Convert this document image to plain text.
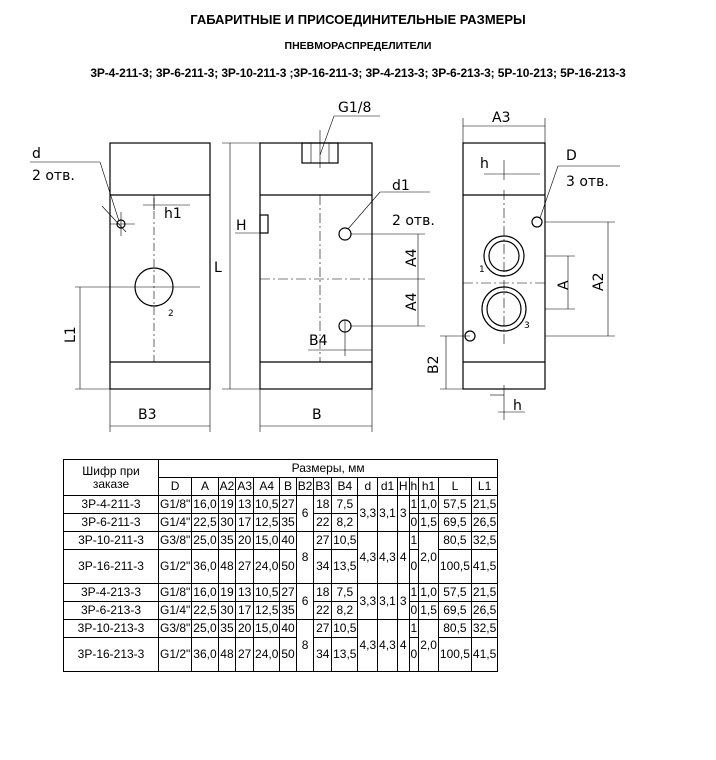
ГАБАРИТНЫЕ И ПРИСОЕДИНИТЕЛЬНЫЕ РАЗМЕРЫ
ПНЕВМОРАСПРЕДЕЛИТЕЛИ
3Р-4-211-3; 3Р-6-211-3; 3Р-10-211-3 ;3Р-16-211-3; 3Р-4-213-3; 3Р-6-213-3; 5Р-10-213; 5Р-16-213-3
d
2 отв.
h1
L1
B3
2
G1/8
H
L
d1
2 отв.
A4
A4
B4
B
A3
h	D
3 отв.
A A2
B2
h
1
3
Шифр при заказе	Размеры, мм															
	D	A	A2	A3	A4	B	B2	B3	B4	d	d1	H	h	h1	L	L1
3Р-4-211-3	G1/8"	16,0	19	13	10,5	27	6	18	7,5	3,3	3,1	3	1	1,0	57,5	21,5
3Р-6-211-3	G1/4"	22,5	30	17	12,5	35		22	8,2				0	1,5	69,5	26,5
3Р-10-211-3	G3/8"	25,0	35	20	15,0	40	8	27	10,5	4,3	4,3	4	1	2,0	80,5	32,5
3Р-16-211-3	G1/2"	36,0	48	27	24,0	50		34	13,5				0		100,5	41,5
3Р-4-213-3	G1/8"	16,0	19	13	10,5	27	6	18	7,5	3,3	3,1	3	1	1,0	57,5	21,5
3Р-6-213-3	G1/4"	22,5	30	17	12,5	35		22	8,2				0	1,5	69,5	26,5
3Р-10-213-3	G3/8"	25,0	35	20	15,0	40	8	27	10,5	4,3	4,3	4	1	2,0	80,5	32,5
3Р-16-213-3	G1/2"	36,0	48	27	24,0	50		34	13,5				0		100,5	41,5
